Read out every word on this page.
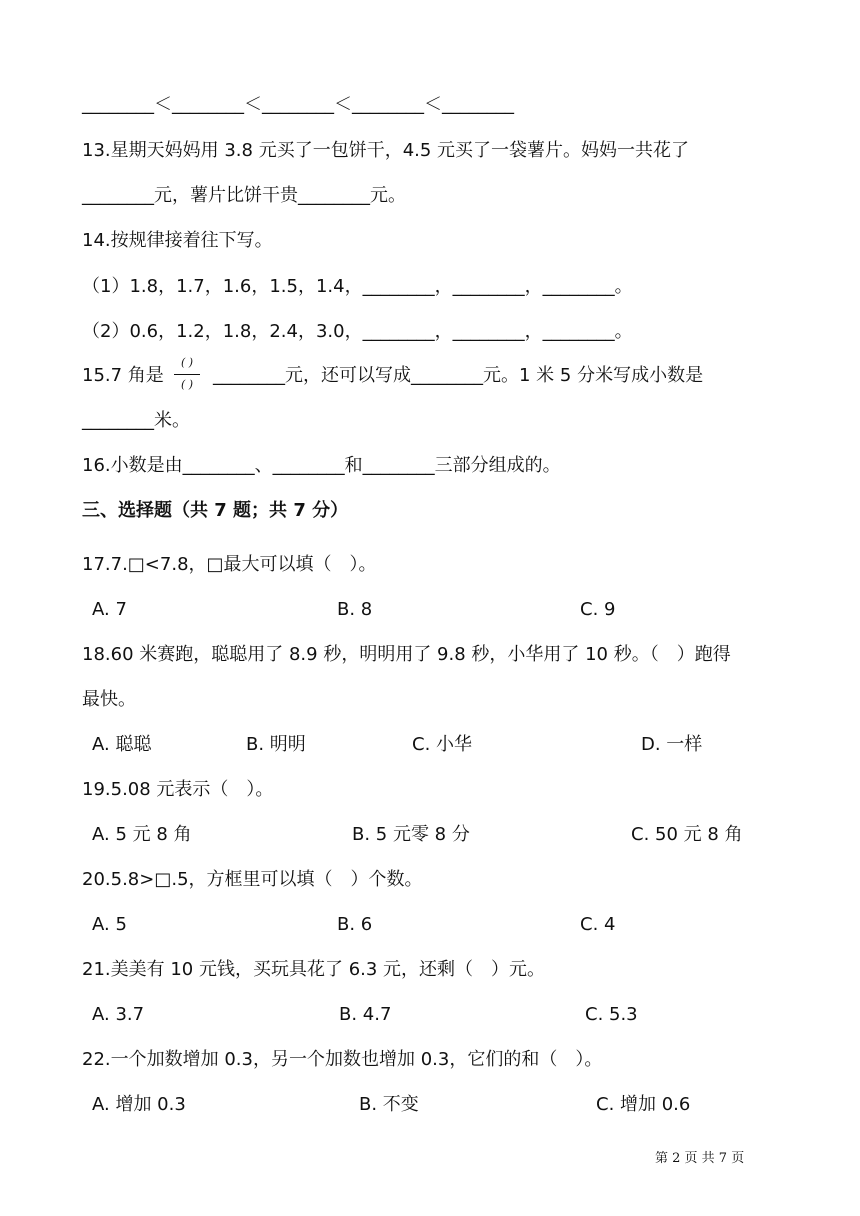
________＜________＜________＜________＜________
13.星期天妈妈用 3.8 元买了一包饼干，4.5 元买了一袋薯片。妈妈一共花了
________元，薯片比饼干贵________元。
14.按规律接着往下写。
（1）1.8，1.7，1.6，1.5，1.4，________，________，________。
（2）0.6，1.2，1.8，2.4，3.0，________，________，________。
15.7 角是
( )
( )	________元，还可以写成________元。1 米 5 分米写成小数是
________米。
16.小数是由________、________和________三部分组成的。
三、选择题（共 7 题；共 7 分）
17.7.□<7.8，□最大可以填（　）。
A. 7	B. 8	C. 9
18.60 米赛跑，聪聪用了 8.9 秒，明明用了 9.8 秒，小华用了 10 秒。（　）跑得
最快。
A. 聪聪	B. 明明	C. 小华	D. 一样
19.5.08 元表示（　）。
A. 5 元 8 角	B. 5 元零 8 分	C. 50 元 8 角
20.5.8>□.5，方框里可以填（　）个数。
A. 5	B. 6	C. 4
21.美美有 10 元钱，买玩具花了 6.3 元，还剩（　）元。
A. 3.7	B. 4.7	C. 5.3
22.一个加数增加 0.3，另一个加数也增加 0.3，它们的和（　）。
A. 增加 0.3	B. 不变	C. 增加 0.6
第 2 页 共 7 页
